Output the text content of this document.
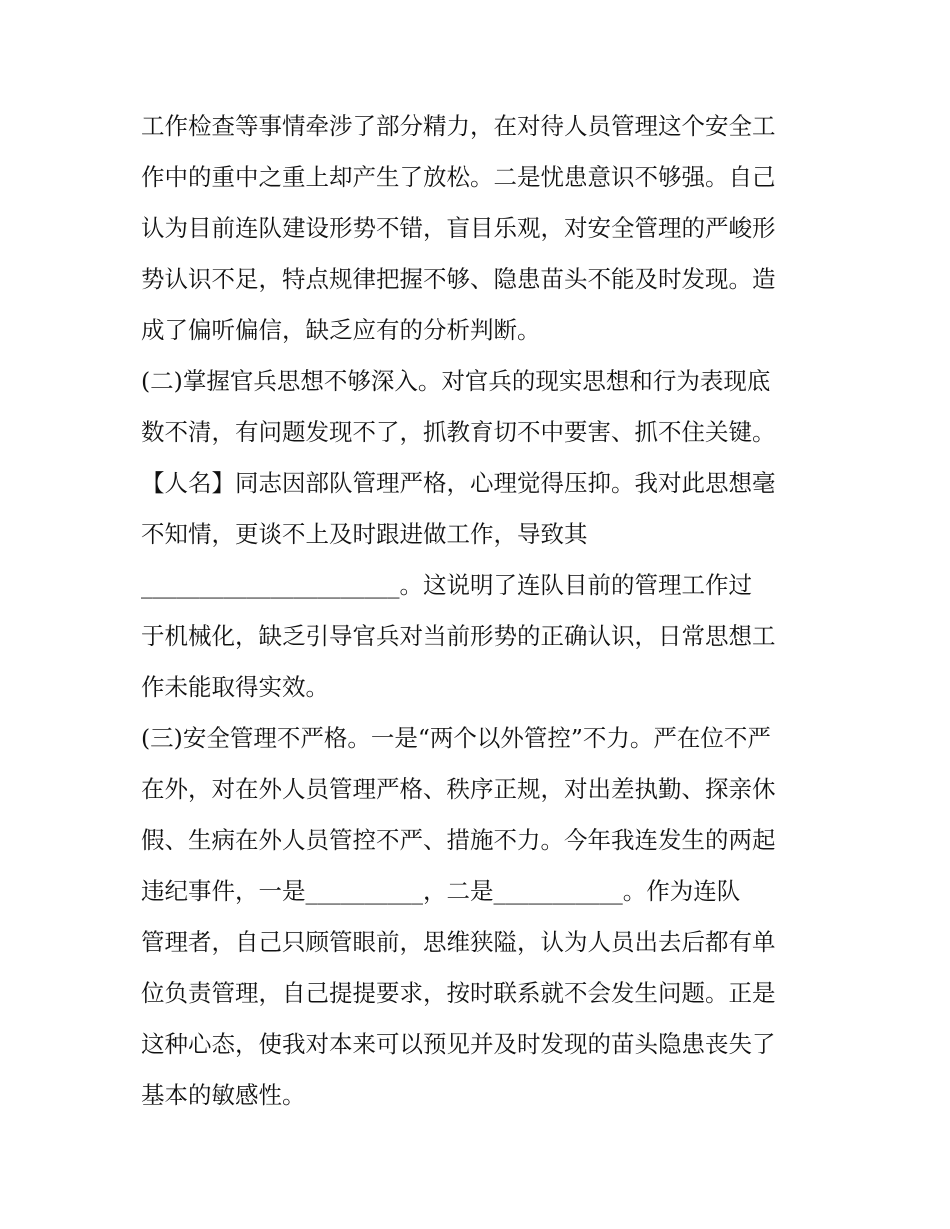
工作检查等事情牵涉了部分精力，在对待人员管理这个安全工
作中的重中之重上却产生了放松。二是忧患意识不够强。自己
认为目前连队建设形势不错，盲目乐观，对安全管理的严峻形
势认识不足，特点规律把握不够、隐患苗头不能及时发现。造
成了偏听偏信，缺乏应有的分析判断。
(二)掌握官兵思想不够深入。对官兵的现实思想和行为表现底
数不清，有问题发现不了，抓教育切不中要害、抓不住关键。
【人名】同志因部队管理严格，心理觉得压抑。我对此思想毫
不知情，更谈不上及时跟进做工作，导致其
______________________。这说明了连队目前的管理工作过
于机械化，缺乏引导官兵对当前形势的正确认识，日常思想工
作未能取得实效。
(三)安全管理不严格。一是“两个以外管控”不力。严在位不严
在外，对在外人员管理严格、秩序正规，对出差执勤、探亲休
假、生病在外人员管控不严、措施不力。今年我连发生的两起
违纪事件，一是__________，二是___________。作为连队
管理者，自己只顾管眼前，思维狭隘，认为人员出去后都有单
位负责管理，自己提提要求，按时联系就不会发生问题。正是
这种心态，使我对本来可以预见并及时发现的苗头隐患丧失了
基本的敏感性。
